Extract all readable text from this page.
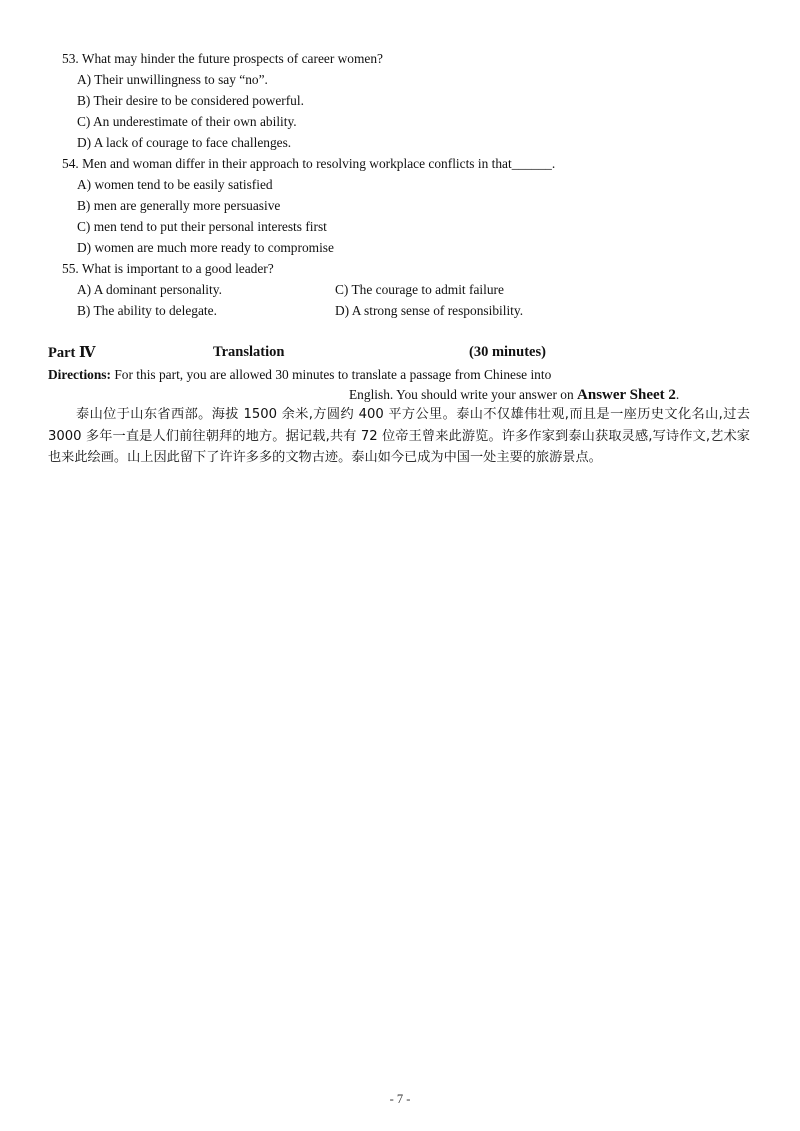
53. What may hinder the future prospects of career women?
A) Their unwillingness to say “no”.
B) Their desire to be considered powerful.
C) An underestimate of their own ability.
D) A lack of courage to face challenges.
54. Men and woman differ in their approach to resolving workplace conflicts in that______.
A) women tend to be easily satisfied
B) men are generally more persuasive
C) men tend to put their personal interests first
D) women are much more ready to compromise
55. What is important to a good leader?
A) A dominant personality.	C) The courage to admit failure
B) The ability to delegate.	D) A strong sense of responsibility.
Part Ⅳ	Translation	(30 minutes)
Directions: For this part, you are allowed 30 minutes to translate a passage from Chinese into
English. You should write your answer on Answer Sheet 2.
泰山位于山东省西部。海拔 1500 余米,方圆约 400 平方公里。泰山不仅雄伟壮观,而且是一座历史文化名山,过去 3000 多年一直是人们前往朝拜的地方。据记载,共有 72 位帝王曾来此游览。许多作家到泰山获取灵感,写诗作文,艺术家也来此绘画。山上因此留下了许许多多的文物古迹。泰山如今已成为中国一处主要的旅游景点。
- 7 -
